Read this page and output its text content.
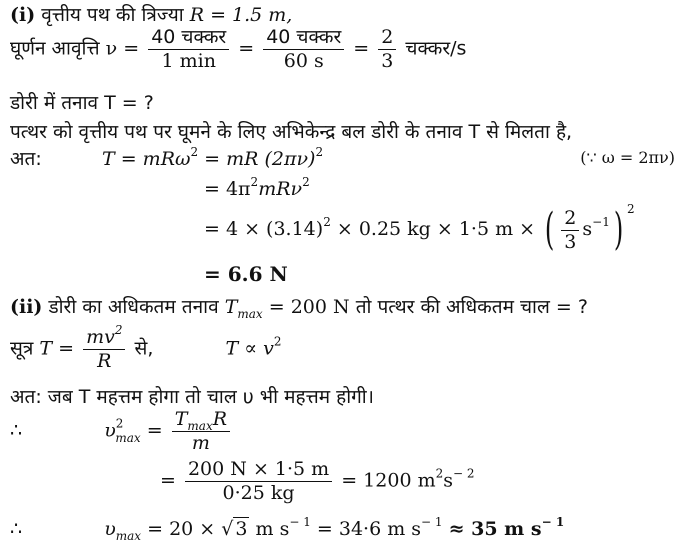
(i) वृत्तीय पथ की त्रिज्या R = 1.5 m,
घूर्णन आवृत्ति $\nu = \frac{\text{40 चक्कर}}{1 \min} = \frac{\text{40 चक्कर}}{60 s} = \frac{2}{3}$ चक्कर/s
डोरी में तनाव T = ?
पत्थर को वृत्तीय पथ पर घूमने के लिए अभिकेन्द्र बल डोरी के तनाव T से मिलता है,
अत:	T = mRω$^2$ = mR $(2\pi\nu)^2$	(∵ ω = 2πν)
= $4\pi^2mR\nu^2$
= $4 \times (3.14)^2 \times 0.25$ kg × 1·5 m × ( $\frac{2}{3} s^{-1}$) $^2$
= 6.6 N
(ii) डोरी का अधिकतम तनाव $T_{max} = 200$ N तो पत्थर की अधिकतम चाल = ?
सूत्र $T = \frac{mv^2}{R}$ से,	$T \propto v^2$
अत: जब T महत्तम होगा तो चाल υ भी महत्तम होगी।
∴	$\upsilon^2_{max} = \frac{T_{max}R}{m}$
= $\frac{200 N \times 1\cdot 5 m}{0\cdot 25 kg} = 1200$ $m^2s^{- 2}$
∴	$\upsilon_{max} = 20$ × √ 3 m $s^{- 1} = 34\cdot 6$ m $s^{- 1} \approx 35$ m $s^{- 1}$
